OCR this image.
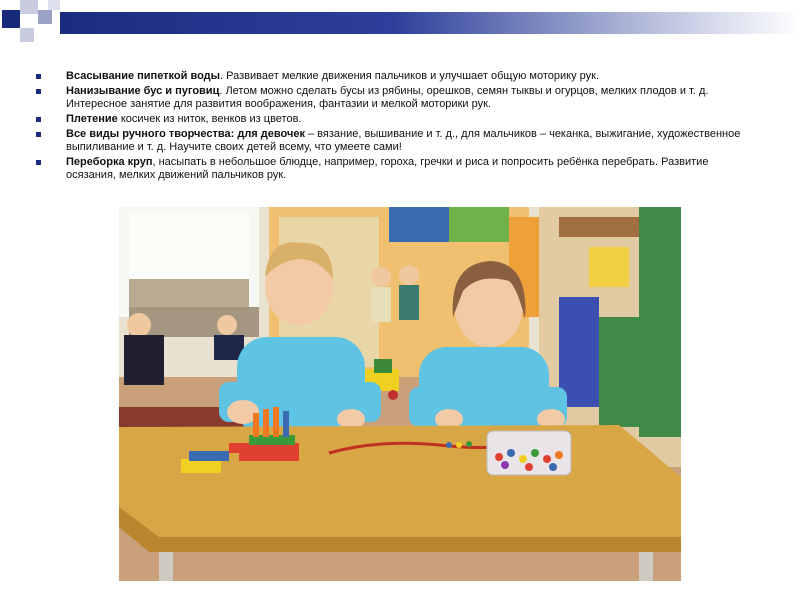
Всасывание пипеткой воды. Развивает мелкие движения пальчиков и улучшает общую моторику рук.
Нанизывание бус и пуговиц. Летом можно сделать бусы из рябины, орешков, семян тыквы и огурцов, мелких плодов и т. д. Интересное занятие для развития воображения, фантазии и мелкой моторики рук.
Плетение косичек из ниток, венков из цветов.
Все виды ручного творчества: для девочек – вязание, вышивание и т. д., для мальчиков – чеканка, выжигание, художественное выпиливание и т. д. Научите своих детей всему, что умеете сами!
Переборка круп, насыпать в небольшое блюдце, например, гороха, гречки и риса и попросить ребёнка перебрать. Развитие осязания, мелких движений пальчиков рук.
